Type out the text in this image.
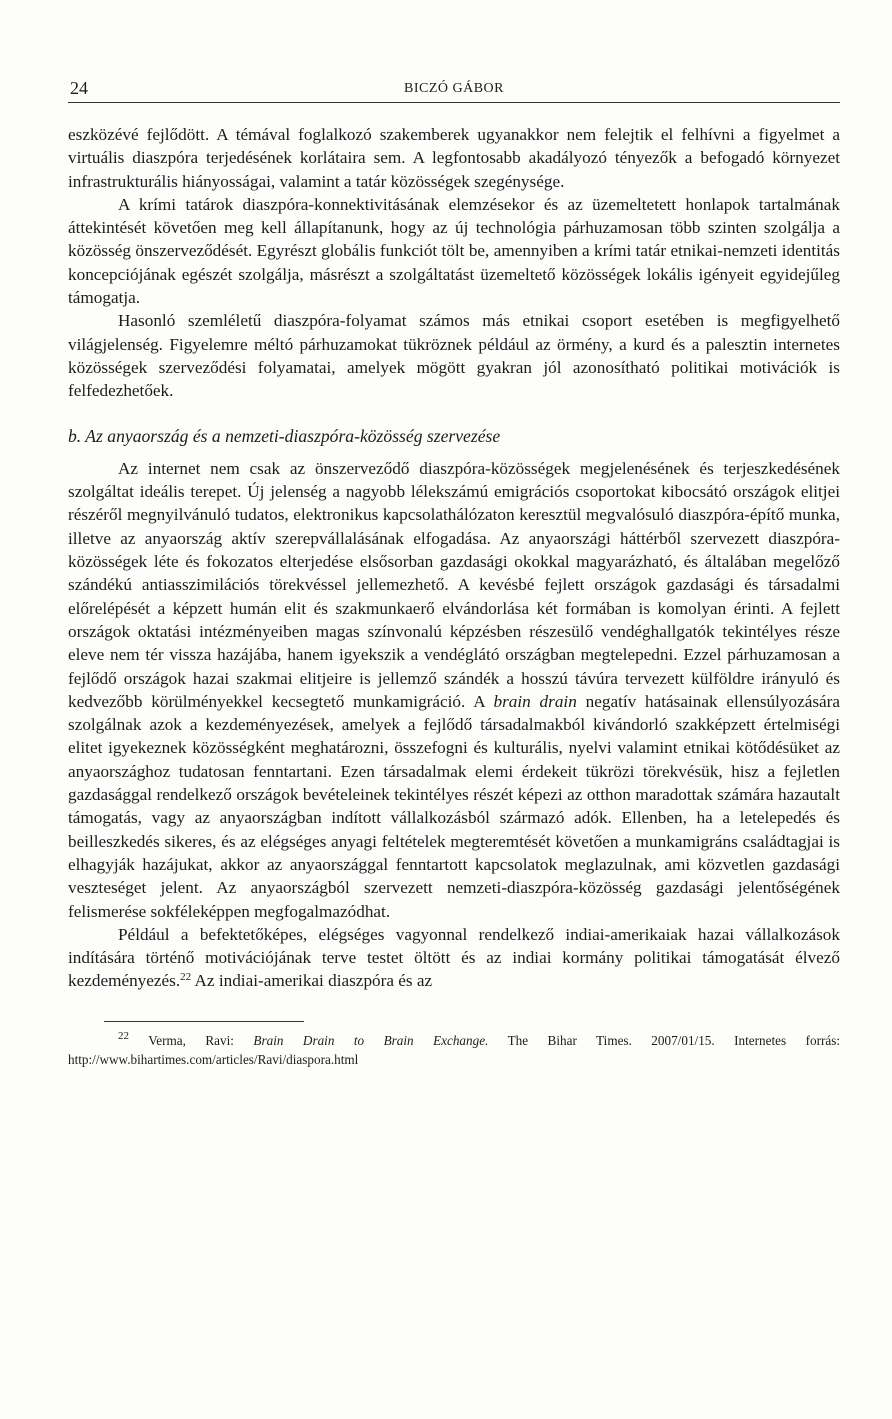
24	BICZÓ GÁBOR

eszközévé fejlődött. A témával foglalkozó szakemberek ugyanakkor nem felejtik el felhívni a figyelmet a virtuális diaszpóra terjedésének korlátaira sem. A legfontosabb akadályozó tényezők a befogadó környezet infrastrukturális hiányosságai, valamint a tatár közösségek szegénysége.

A krími tatárok diaszpóra-konnektivitásának elemzésekor és az üzemeltetett honlapok tartalmának áttekintését követően meg kell állapítanunk, hogy az új technológia párhuzamosan több szinten szolgálja a közösség önszerveződését. Egyrészt globális funkciót tölt be, amennyiben a krími tatár etnikai-nemzeti identitás koncepciójának egészét szolgálja, másrészt a szolgáltatást üzemeltető közösségek lokális igényeit egyidejűleg támogatja.

Hasonló szemléletű diaszpóra-folyamat számos más etnikai csoport esetében is megfigyelhető világjelenség. Figyelemre méltó párhuzamokat tükröznek például az örmény, a kurd és a palesztin internetes közösségek szerveződési folyamatai, amelyek mögött gyakran jól azonosítható politikai motivációk is felfedezhetőek.

b. Az anyaország és a nemzeti-diaszpóra-közösség szervezése

Az internet nem csak az önszerveződő diaszpóra-közösségek megjelenésének és terjeszkedésének szolgáltat ideális terepet. Új jelenség a nagyobb lélekszámú emigrációs csoportokat kibocsátó országok elitjei részéről megnyilvánuló tudatos, elektronikus kapcsolathálózaton keresztül megvalósuló diaszpóra-építő munka, illetve az anyaország aktív szerepvállalásának elfogadása. Az anyaországi háttérből szervezett diaszpóra-közösségek léte és fokozatos elterjedése elsősorban gazdasági okokkal magyarázható, és általában megelőző szándékú antiasszimilációs törekvéssel jellemezhető. A kevésbé fejlett országok gazdasági és társadalmi előrelépését a képzett humán elit és szakmunkaerő elvándorlása két formában is komolyan érinti. A fejlett országok oktatási intézményeiben magas színvonalú képzésben részesülő vendéghallgatók tekintélyes része eleve nem tér vissza hazájába, hanem igyekszik a vendéglátó országban megtelepedni. Ezzel párhuzamosan a fejlődő országok hazai szakmai elitjeire is jellemző szándék a hosszú távúra tervezett külföldre irányuló és kedvezőbb körülményekkel kecsegtető munkamigráció. A brain drain negatív hatásainak ellensúlyozására szolgálnak azok a kezdeményezések, amelyek a fejlődő társadalmakból kivándorló szakképzett értelmiségi elitet igyekeznek közösségként meghatározni, összefogni és kulturális, nyelvi valamint etnikai kötődésüket az anyaországhoz tudatosan fenntartani. Ezen társadalmak elemi érdekeit tükrözi törekvésük, hisz a fejletlen gazdasággal rendelkező országok bevételeinek tekintélyes részét képezi az otthon maradottak számára hazautalt támogatás, vagy az anyaországban indított vállalkozásból származó adók. Ellenben, ha a letelepedés és beilleszkedés sikeres, és az elégséges anyagi feltételek megteremtését követően a munkamigráns családtagjai is elhagyják hazájukat, akkor az anyaországgal fenntartott kapcsolatok meglazulnak, ami közvetlen gazdasági veszteséget jelent. Az anyaországból szervezett nemzeti-diaszpóra-közösség gazdasági jelentőségének felismerése sokféleképpen megfogalmazódhat.

Például a befektetőképes, elégséges vagyonnal rendelkező indiai-amerikaiak hazai vállalkozások indítására történő motivációjának terve testet öltött és az indiai kormány politikai támogatását élvező kezdeményezés.$^{22}$ Az indiai-amerikai diaszpóra és az

$^{22}$ Verma, Ravi: Brain Drain to Brain Exchange. The Bihar Times. 2007/01/15. Internetes forrás: http://www.bihartimes.com/articles/Ravi/diaspora.html
